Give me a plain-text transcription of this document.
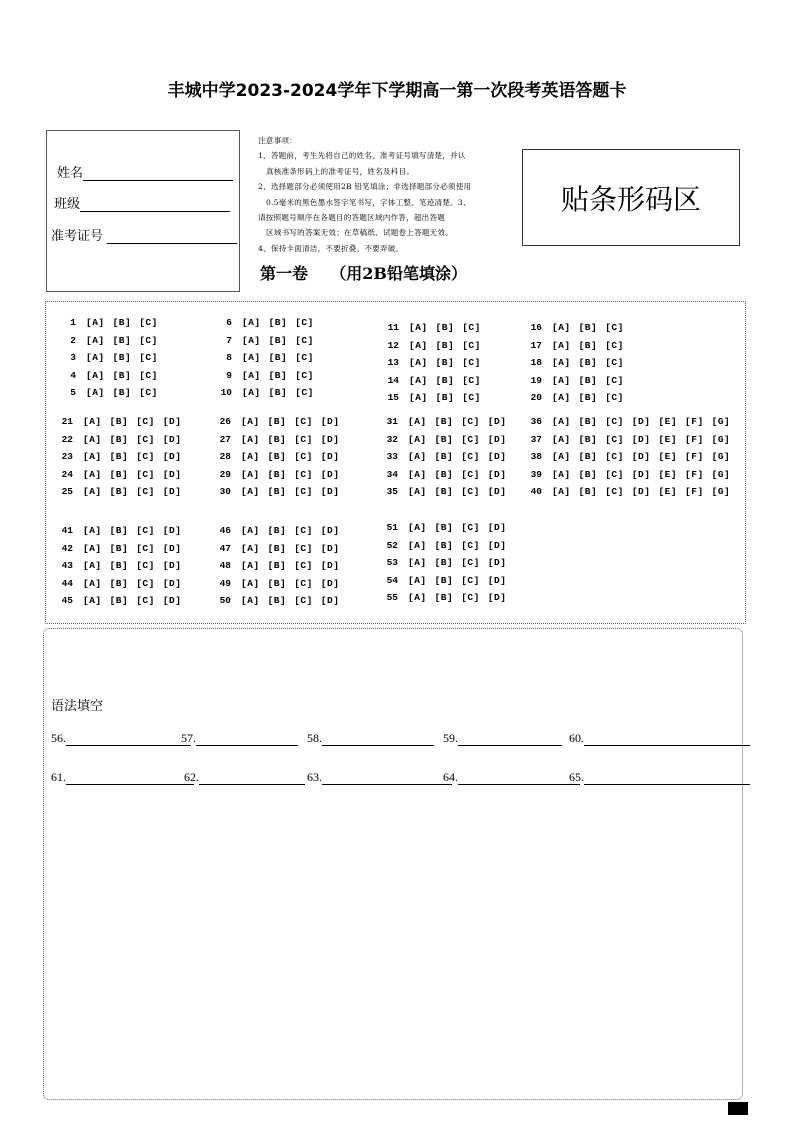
丰城中学2023-2024学年下学期高一第一次段考英语答题卡
姓名
班级
准考证号
注意事项：
1、答题前，考生先将自己的姓名、准考证号填写清楚，并认
真核准条形码上的准考证号，姓名及科目。
2、选择题部分必须使用2B 铅笔填涂；非选择题部分必须使用
0.5毫米的黑色墨水签字笔书写，字体工整、笔迹清楚。3、
请按照题号顺序在各题目的答题区域内作答，超出答题
区域书写的答案无效；在草稿纸、试题卷上答题无效。
4、保持卡面清洁，不要折叠、不要弄破。
贴条形码区
第一卷    （用2B铅笔填涂）
1 [A] [B] [C]
2 [A] [B] [C]
3 [A] [B] [C]
4 [A] [B] [C]
5 [A] [B] [C]
6 [A] [B] [C]
7 [A] [B] [C]
8 [A] [B] [C]
9 [A] [B] [C]
10 [A] [B] [C]
11 [A] [B] [C]
12 [A] [B] [C]
13 [A] [B] [C]
14 [A] [B] [C]
15 [A] [B] [C]
16 [A] [B] [C]
17 [A] [B] [C]
18 [A] [B] [C]
19 [A] [B] [C]
20 [A] [B] [C]
21 [A] [B] [C] [D]
22 [A] [B] [C] [D]
23 [A] [B] [C] [D]
24 [A] [B] [C] [D]
25 [A] [B] [C] [D]
26 [A] [B] [C] [D]
27 [A] [B] [C] [D]
28 [A] [B] [C] [D]
29 [A] [B] [C] [D]
30 [A] [B] [C] [D]
31 [A] [B] [C] [D]
32 [A] [B] [C] [D]
33 [A] [B] [C] [D]
34 [A] [B] [C] [D]
35 [A] [B] [C] [D]
36 [A] [B] [C] [D] [E] [F] [G]
37 [A] [B] [C] [D] [E] [F] [G]
38 [A] [B] [C] [D] [E] [F] [G]
39 [A] [B] [C] [D] [E] [F] [G]
40 [A] [B] [C] [D] [E] [F] [G]
41 [A] [B] [C] [D]
42 [A] [B] [C] [D]
43 [A] [B] [C] [D]
44 [A] [B] [C] [D]
45 [A] [B] [C] [D]
46 [A] [B] [C] [D]
47 [A] [B] [C] [D]
48 [A] [B] [C] [D]
49 [A] [B] [C] [D]
50 [A] [B] [C] [D]
51 [A] [B] [C] [D]
52 [A] [B] [C] [D]
53 [A] [B] [C] [D]
54 [A] [B] [C] [D]
55 [A] [B] [C] [D]
语法填空
56.	57.	58.	59.	60.
61.	62.	63.	64.	65.
